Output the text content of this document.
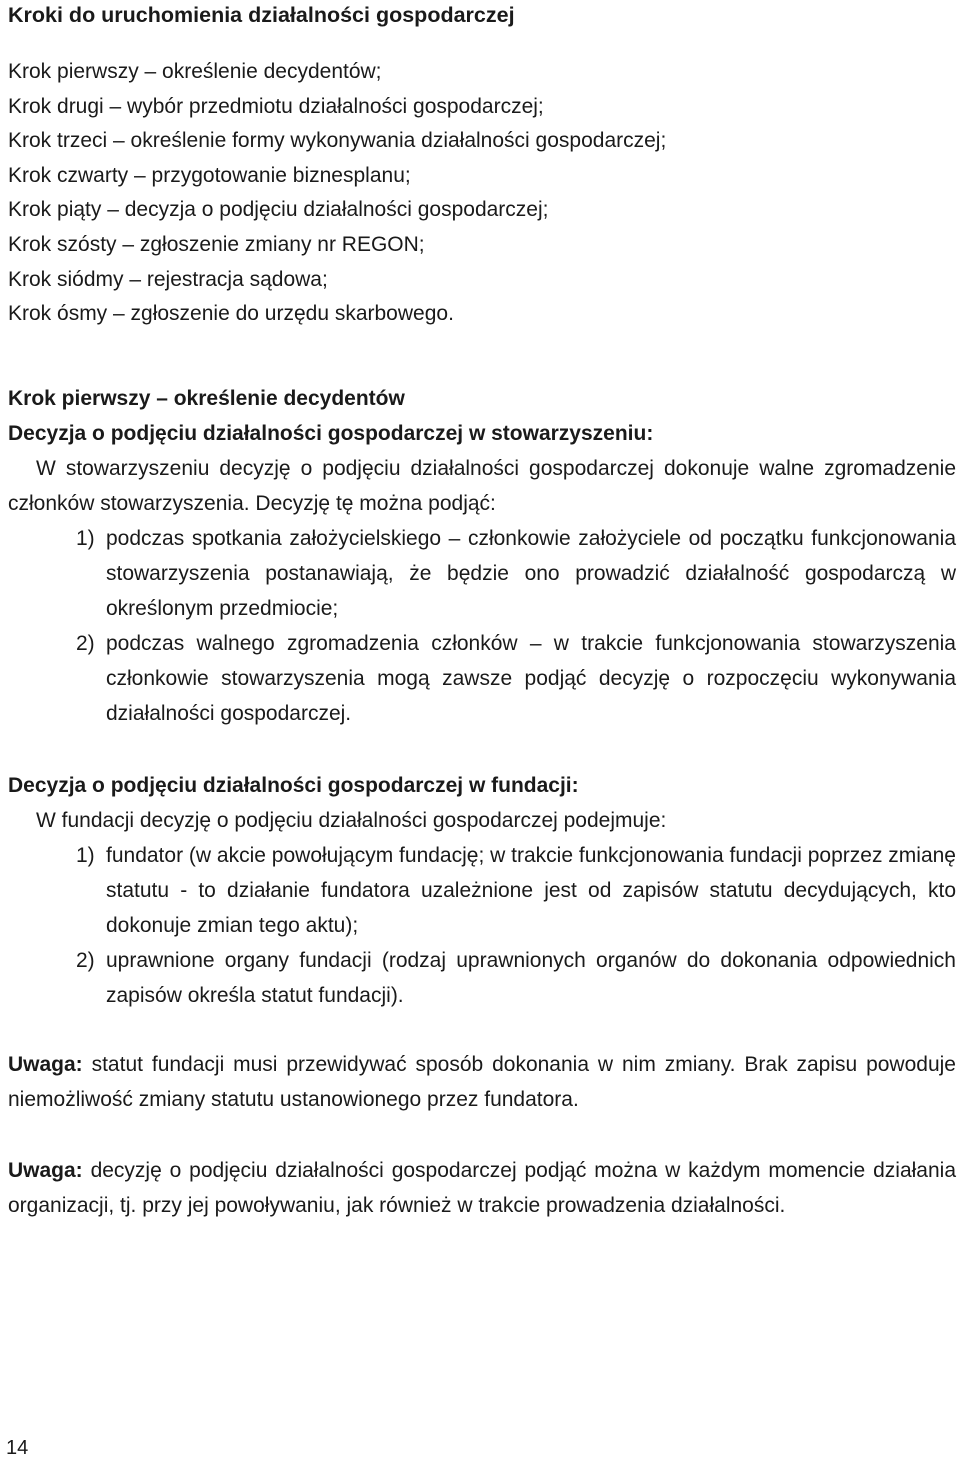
Kroki do uruchomienia działalności gospodarczej
Krok pierwszy – określenie decydentów;
Krok drugi – wybór przedmiotu działalności gospodarczej;
Krok trzeci – określenie formy wykonywania działalności gospodarczej;
Krok czwarty – przygotowanie biznesplanu;
Krok piąty – decyzja o podjęciu działalności gospodarczej;
Krok szósty – zgłoszenie zmiany nr REGON;
Krok siódmy – rejestracja sądowa;
Krok ósmy – zgłoszenie do urzędu skarbowego.
Krok pierwszy – określenie decydentów
Decyzja o podjęciu działalności gospodarczej w stowarzyszeniu:
W stowarzyszeniu decyzję o podjęciu działalności gospodarczej dokonuje walne zgromadzenie członków stowarzyszenia. Decyzję tę można podjąć:
1) podczas spotkania założycielskiego – członkowie założyciele od początku funkcjonowania stowarzyszenia postanawiają, że będzie ono prowadzić działalność gospodarczą w określonym przedmiocie;
2) podczas walnego zgromadzenia członków – w trakcie funkcjonowania stowarzyszenia członkowie stowarzyszenia mogą zawsze podjąć decyzję o rozpoczęciu wykonywania działalności gospodarczej.
Decyzja o podjęciu działalności gospodarczej w fundacji:
W fundacji decyzję o podjęciu działalności gospodarczej podejmuje:
1) fundator (w akcie powołującym fundację; w trakcie funkcjonowania fundacji poprzez zmianę statutu - to działanie fundatora uzależnione jest od zapisów statutu decydujących, kto dokonuje zmian tego aktu);
2) uprawnione organy fundacji (rodzaj uprawnionych organów do dokonania odpowiednich zapisów określa statut fundacji).
Uwaga: statut fundacji musi przewidywać sposób dokonania w nim zmiany. Brak zapisu powoduje niemożliwość zmiany statutu ustanowionego przez fundatora.
Uwaga: decyzję o podjęciu działalności gospodarczej podjąć można w każdym momencie działania organizacji, tj. przy jej powoływaniu, jak również w trakcie prowadzenia działalności.
14
